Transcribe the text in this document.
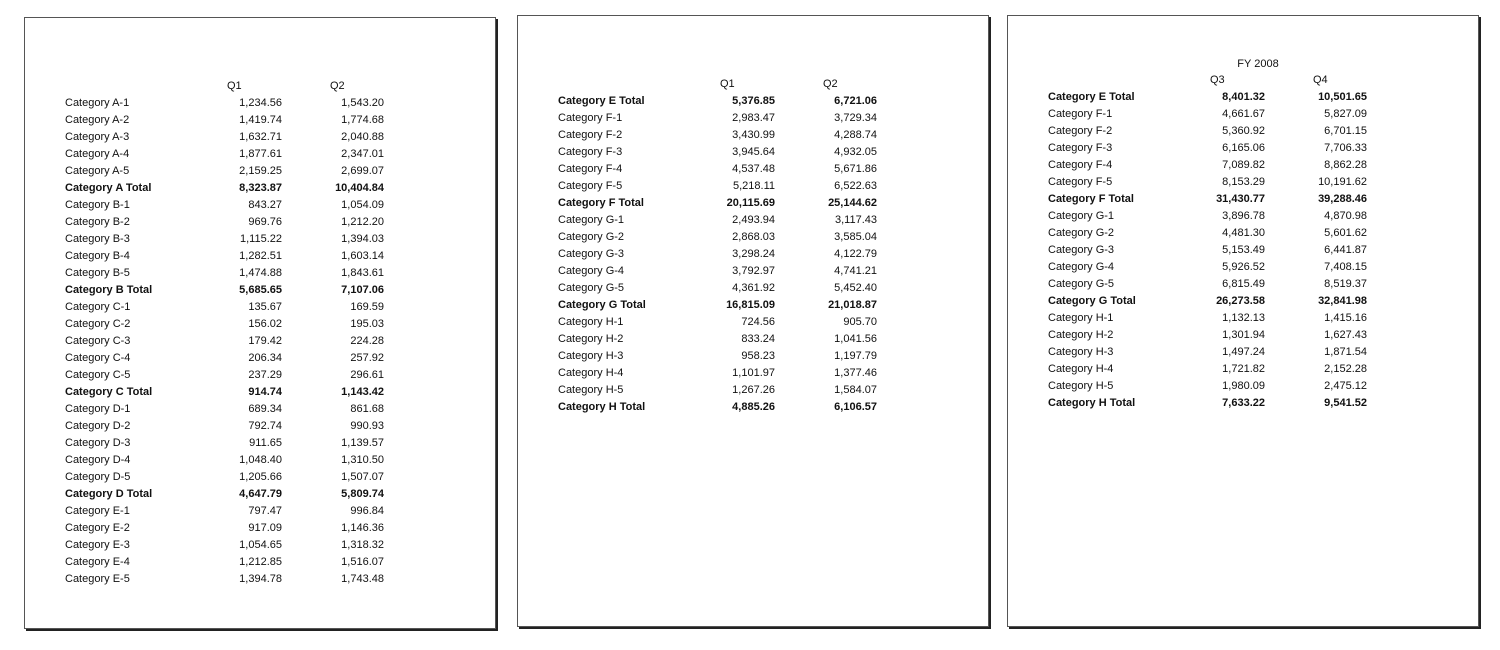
Q1	Q2
Category A-1	1,234.56	1,543.20
Category A-2	1,419.74	1,774.68
Category A-3	1,632.71	2,040.88
Category A-4	1,877.61	2,347.01
Category A-5	2,159.25	2,699.07
Category A Total	8,323.87	10,404.84
Category B-1	843.27	1,054.09
Category B-2	969.76	1,212.20
Category B-3	1,115.22	1,394.03
Category B-4	1,282.51	1,603.14
Category B-5	1,474.88	1,843.61
Category B Total	5,685.65	7,107.06
Category C-1	135.67	169.59
Category C-2	156.02	195.03
Category C-3	179.42	224.28
Category C-4	206.34	257.92
Category C-5	237.29	296.61
Category C Total	914.74	1,143.42
Category D-1	689.34	861.68
Category D-2	792.74	990.93
Category D-3	911.65	1,139.57
Category D-4	1,048.40	1,310.50
Category D-5	1,205.66	1,507.07
Category D Total	4,647.79	5,809.74
Category E-1	797.47	996.84
Category E-2	917.09	1,146.36
Category E-3	1,054.65	1,318.32
Category E-4	1,212.85	1,516.07
Category E-5	1,394.78	1,743.48
Q1	Q2
Category E Total	5,376.85	6,721.06
Category F-1	2,983.47	3,729.34
Category F-2	3,430.99	4,288.74
Category F-3	3,945.64	4,932.05
Category F-4	4,537.48	5,671.86
Category F-5	5,218.11	6,522.63
Category F Total	20,115.69	25,144.62
Category G-1	2,493.94	3,117.43
Category G-2	2,868.03	3,585.04
Category G-3	3,298.24	4,122.79
Category G-4	3,792.97	4,741.21
Category G-5	4,361.92	5,452.40
Category G Total	16,815.09	21,018.87
Category H-1	724.56	905.70
Category H-2	833.24	1,041.56
Category H-3	958.23	1,197.79
Category H-4	1,101.97	1,377.46
Category H-5	1,267.26	1,584.07
Category H Total	4,885.26	6,106.57
FY 2008
Q3	Q4
Category E Total	8,401.32	10,501.65
Category F-1	4,661.67	5,827.09
Category F-2	5,360.92	6,701.15
Category F-3	6,165.06	7,706.33
Category F-4	7,089.82	8,862.28
Category F-5	8,153.29	10,191.62
Category F Total	31,430.77	39,288.46
Category G-1	3,896.78	4,870.98
Category G-2	4,481.30	5,601.62
Category G-3	5,153.49	6,441.87
Category G-4	5,926.52	7,408.15
Category G-5	6,815.49	8,519.37
Category G Total	26,273.58	32,841.98
Category H-1	1,132.13	1,415.16
Category H-2	1,301.94	1,627.43
Category H-3	1,497.24	1,871.54
Category H-4	1,721.82	2,152.28
Category H-5	1,980.09	2,475.12
Category H Total	7,633.22	9,541.52
